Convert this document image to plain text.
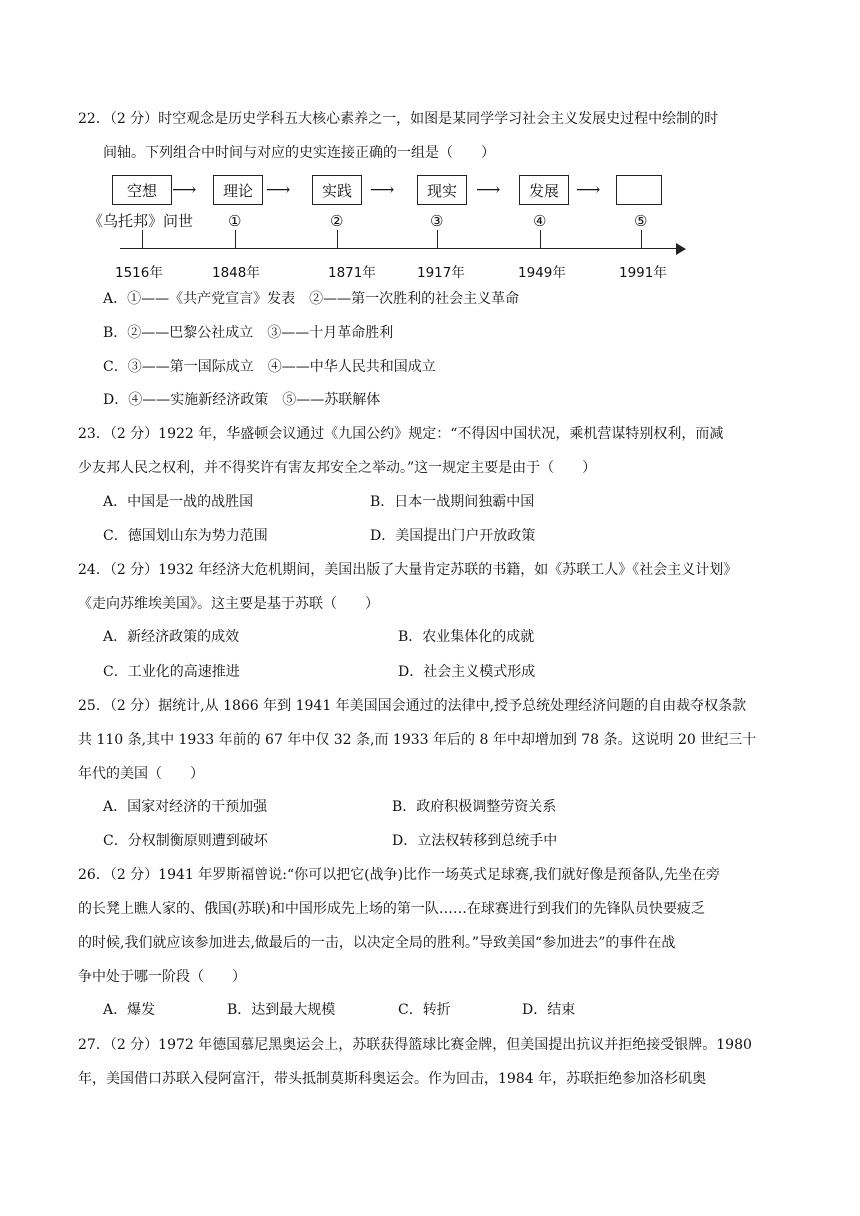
22．（2 分）时空观念是历史学科五大核心素养之一，如图是某同学学习社会主义发展史过程中绘制的时
间轴。下列组合中时间与对应的史实连接正确的一组是（　　）
空想 ⟶	理论 ⟶	实践	⟶	现实	⟶	发展	⟶
《乌托邦》问世 ①	②	③	④	⑤
1516年	1848年	1871年	1917年	1949年	1991年
A．①——《共产党宣言》发表　②——第一次胜利的社会主义革命
B．②——巴黎公社成立　③——十月革命胜利
C．③——第一国际成立　④——中华人民共和国成立
D．④——实施新经济政策　⑤——苏联解体
23．（2 分）1922 年，华盛顿会议通过《九国公约》规定：“不得因中国状况，乘机营谋特别权利，而减
少友邦人民之权利，并不得奖许有害友邦安全之举动。”这一规定主要是由于（　　）
A．中国是一战的战胜国	B．日本一战期间独霸中国
C．德国划山东为势力范围	D．美国提出门户开放政策
24．（2 分）1932 年经济大危机期间，美国出版了大量肯定苏联的书籍，如《苏联工人》《社会主义计划》
《走向苏维埃美国》。这主要是基于苏联（　　）
A．新经济政策的成效	B．农业集体化的成就
C．工业化的高速推进	D．社会主义模式形成
25．（2 分）据统计,从 1866 年到 1941 年美国国会通过的法律中,授予总统处理经济问题的自由裁夺权条款
共 110 条,其中 1933 年前的 67 年中仅 32 条,而 1933 年后的 8 年中却增加到 78 条。这说明 20 世纪三十
年代的美国（　　）
A．国家对经济的干预加强	B．政府积极调整劳资关系
C．分权制衡原则遭到破坏	D．立法权转移到总统手中
26．（2 分）1941 年罗斯福曾说:“你可以把它(战争)比作一场英式足球赛,我们就好像是预备队,先坐在旁
的长凳上瞧人家的、俄国(苏联)和中国形成先上场的第一队……在球赛进行到我们的先锋队员快要疲乏
的时候,我们就应该参加进去,做最后的一击，以决定全局的胜利。”导致美国“参加进去”的事件在战
争中处于哪一阶段（　　）
A．爆发	B．达到最大规模	C．转折	D．结束
27．（2 分）1972 年德国慕尼黑奥运会上，苏联获得篮球比赛金牌，但美国提出抗议并拒绝接受银牌。1980
年，美国借口苏联入侵阿富汗，带头抵制莫斯科奥运会。作为回击，1984 年，苏联拒绝参加洛杉矶奥
